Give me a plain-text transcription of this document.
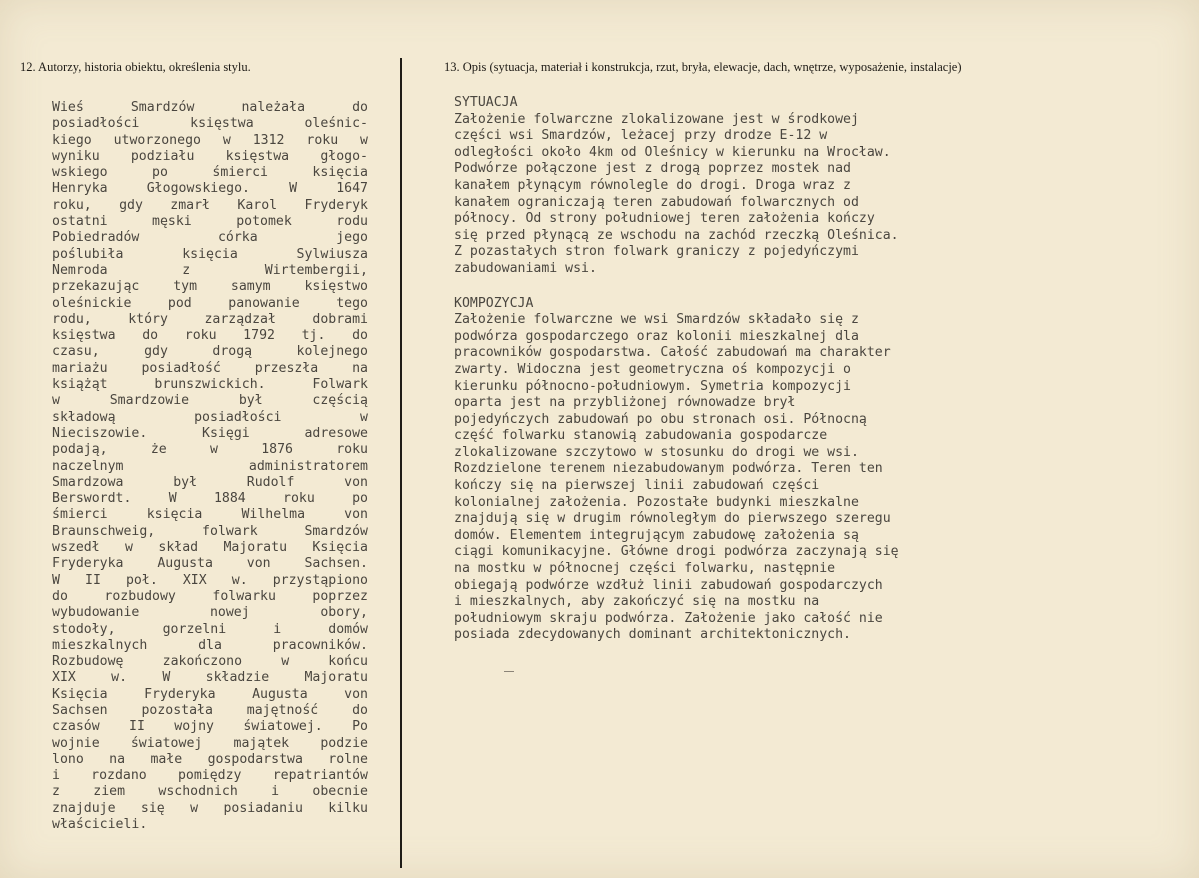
12. Autorzy, historia obiektu, określenia stylu.	13. Opis (sytuacja, materiał i konstrukcja, rzut, bryła, elewacje, dach, wnętrze, wyposażenie, instalacje)
Wieś Smardzów należała do
posiadłości księstwa oleśnic-
kiego utworzonego w 1312 roku w
wyniku podziału księstwa głogo-
wskiego po śmierci księcia
Henryka Głogowskiego. W 1647
roku, gdy zmarł Karol Fryderyk
ostatni męski potomek rodu
Pobiedradów córka jego
poślubiła księcia Sylwiusza
Nemroda z Wirtembergii,
przekazując tym samym księstwo
oleśnickie pod panowanie tego
rodu, który zarządzał dobrami
księstwa do roku 1792 tj. do
czasu, gdy drogą kolejnego
mariażu posiadłość przeszła na
książąt brunszwickich. Folwark
w Smardzowie był częścią
składową posiadłości w
Nieciszowie. Księgi adresowe
podają, że w 1876 roku
naczelnym administratorem
Smardzowa był Rudolf von
Berswordt. W 1884 roku po
śmierci księcia Wilhelma von
Braunschweig, folwark Smardzów
wszedł w skład Majoratu Księcia
Fryderyka Augusta von Sachsen.
W II poł. XIX w. przystąpiono
do rozbudowy folwarku poprzez
wybudowanie nowej obory,
stodoły, gorzelni i domów
mieszkalnych dla pracowników.
Rozbudowę zakończono w końcu
XIX w. W składzie Majoratu
Księcia Fryderyka Augusta von
Sachsen pozostała majętność do
czasów II wojny światowej. Po
wojnie światowej majątek podzie
lono na małe gospodarstwa rolne
i rozdano pomiędzy repatriantów
z ziem wschodnich i obecnie
znajduje się w posiadaniu kilku
właścicieli.
SYTUACJA
Założenie folwarczne zlokalizowane jest w środkowej
części wsi Smardzów, leżacej przy drodze E-12 w
odległości około 4km od Oleśnicy w kierunku na Wrocław.
Podwórze połączone jest z drogą poprzez mostek nad
kanałem płynącym równolegle do drogi. Droga wraz z
kanałem ograniczają teren zabudowań folwarcznych od
północy. Od strony południowej teren założenia kończy
się przed płynącą ze wschodu na zachód rzeczką Oleśnica.
Z pozastałych stron folwark graniczy z pojedyńczymi
zabudowaniami wsi.
KOMPOZYCJA
Założenie folwarczne we wsi Smardzów składało się z
podwórza gospodarczego oraz kolonii mieszkalnej dla
pracowników gospodarstwa. Całość zabudowań ma charakter
zwarty. Widoczna jest geometryczna oś kompozycji o
kierunku północno-południowym. Symetria kompozycji
oparta jest na przybliżonej równowadze brył
pojedyńczych zabudowań po obu stronach osi. Północną
część folwarku stanowią zabudowania gospodarcze
zlokalizowane szczytowo w stosunku do drogi we wsi.
Rozdzielone terenem niezabudowanym podwórza. Teren ten
kończy się na pierwszej linii zabudowań części
kolonialnej założenia. Pozostałe budynki mieszkalne
znajdują się w drugim równoległym do pierwszego szeregu
domów. Elementem integrującym zabudowę założenia są
ciągi komunikacyjne. Główne drogi podwórza zaczynają się
na mostku w północnej części folwarku, następnie
obiegają podwórze wzdłuż linii zabudowań gospodarczych
i mieszkalnych, aby zakończyć się na mostku na
południowym skraju podwórza. Założenie jako całość nie
posiada zdecydowanych dominant architektonicznych.
